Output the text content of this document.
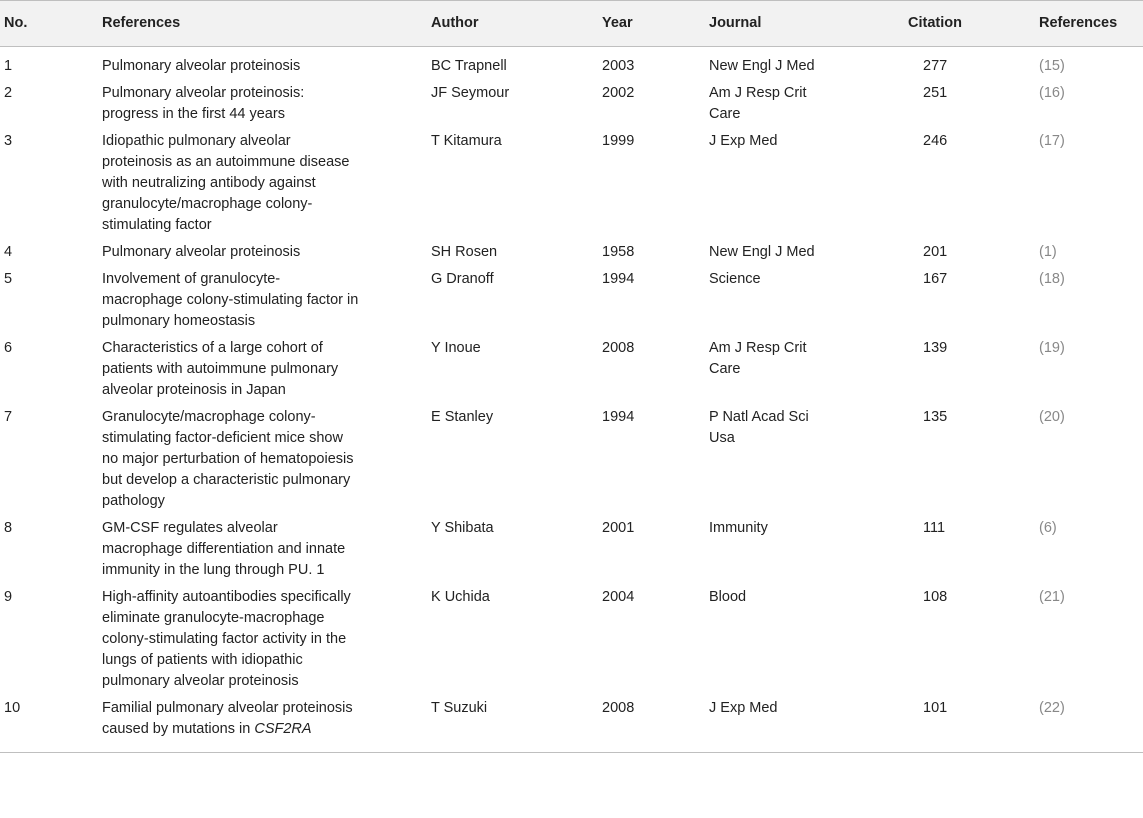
No.	References	Author	Year	Journal	Citation	References
1	Pulmonary alveolar proteinosis	BC Trapnell	2003	New Engl J Med	277	(15)
2	Pulmonary alveolar proteinosis: progress in the first 44 years	JF Seymour	2002	Am J Resp Crit Care	251	(16)
3	Idiopathic pulmonary alveolar proteinosis as an autoimmune disease with neutralizing antibody against granulocyte/macrophage colony-stimulating factor	T Kitamura	1999	J Exp Med	246	(17)
4	Pulmonary alveolar proteinosis	SH Rosen	1958	New Engl J Med	201	(1)
5	Involvement of granulocyte-macrophage colony-stimulating factor in pulmonary homeostasis	G Dranoff	1994	Science	167	(18)
6	Characteristics of a large cohort of patients with autoimmune pulmonary alveolar proteinosis in Japan	Y Inoue	2008	Am J Resp Crit Care	139	(19)
7	Granulocyte/macrophage colony-stimulating factor-deficient mice show no major perturbation of hematopoiesis but develop a characteristic pulmonary pathology	E Stanley	1994	P Natl Acad Sci Usa	135	(20)
8	GM-CSF regulates alveolar macrophage differentiation and innate immunity in the lung through PU. 1	Y Shibata	2001	Immunity	111	(6)
9	High-affinity autoantibodies specifically eliminate granulocyte-macrophage colony-stimulating factor activity in the lungs of patients with idiopathic pulmonary alveolar proteinosis	K Uchida	2004	Blood	108	(21)
10	Familial pulmonary alveolar proteinosis caused by mutations in CSF2RA	T Suzuki	2008	J Exp Med	101	(22)
